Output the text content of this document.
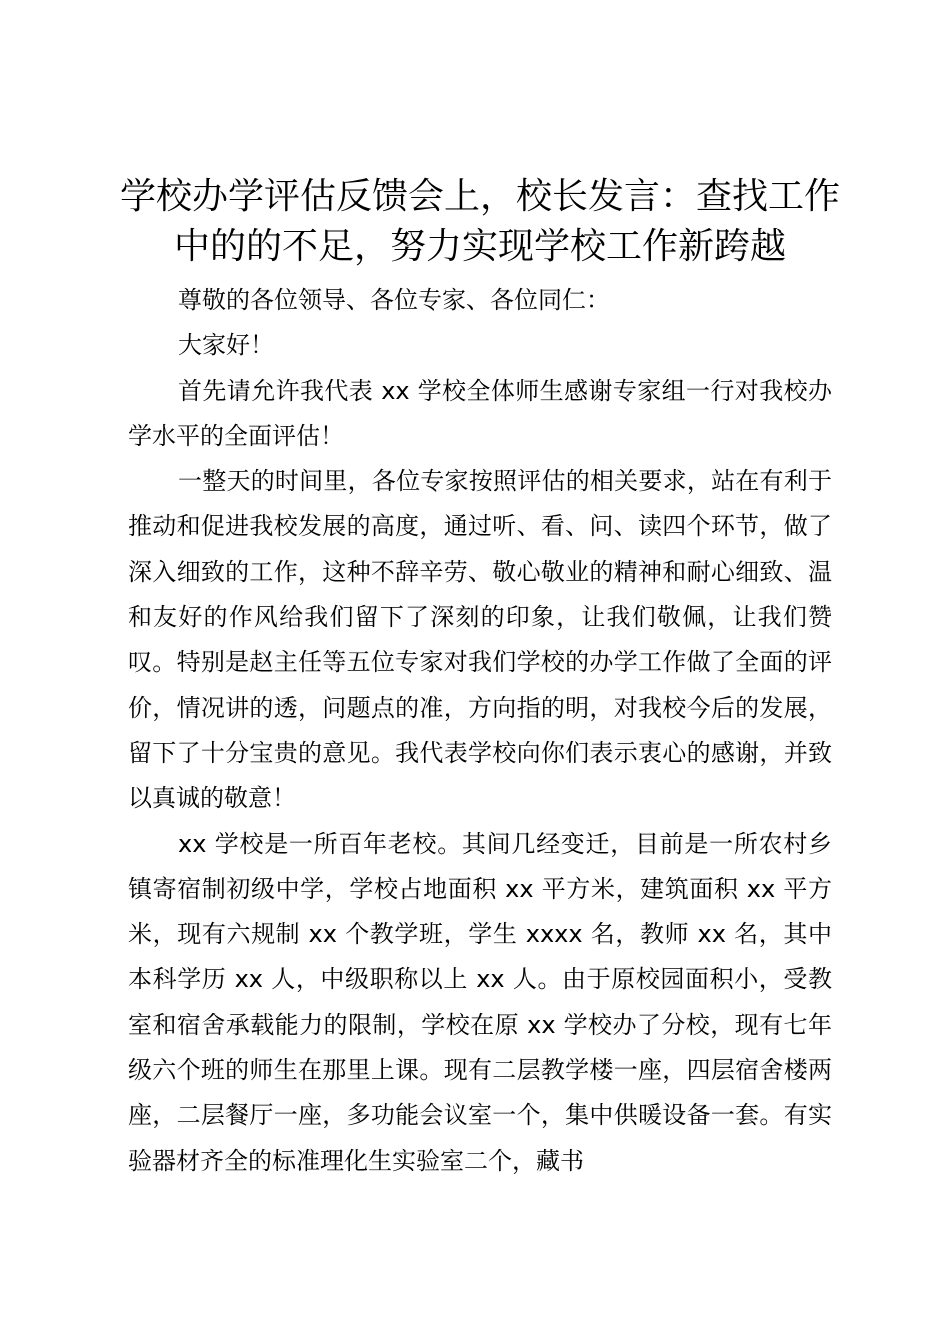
学校办学评估反馈会上，校长发言：查找工作中的的不足，努力实现学校工作新跨越

尊敬的各位领导、各位专家、各位同仁：

大家好！

首先请允许我代表 xx 学校全体师生感谢专家组一行对我校办学水平的全面评估！

一整天的时间里，各位专家按照评估的相关要求，站在有利于推动和促进我校发展的高度，通过听、看、问、读四个环节，做了深入细致的工作，这种不辞辛劳、敬心敬业的精神和耐心细致、温和友好的作风给我们留下了深刻的印象，让我们敬佩，让我们赞叹。特别是赵主任等五位专家对我们学校的办学工作做了全面的评价，情况讲的透，问题点的准，方向指的明，对我校今后的发展，留下了十分宝贵的意见。我代表学校向你们表示衷心的感谢，并致以真诚的敬意！

xx 学校是一所百年老校。其间几经变迁，目前是一所农村乡镇寄宿制初级中学，学校占地面积 xx 平方米，建筑面积 xx 平方米，现有六规制 xx 个教学班，学生 xxxx 名，教师 xx 名，其中本科学历 xx 人，中级职称以上 xx 人。由于原校园面积小，受教室和宿舍承载能力的限制，学校在原 xx 学校办了分校，现有七年级六个班的师生在那里上课。现有二层教学楼一座，四层宿舍楼两座，二层餐厅一座，多功能会议室一个，集中供暖设备一套。有实验器材齐全的标准理化生实验室二个，藏书
